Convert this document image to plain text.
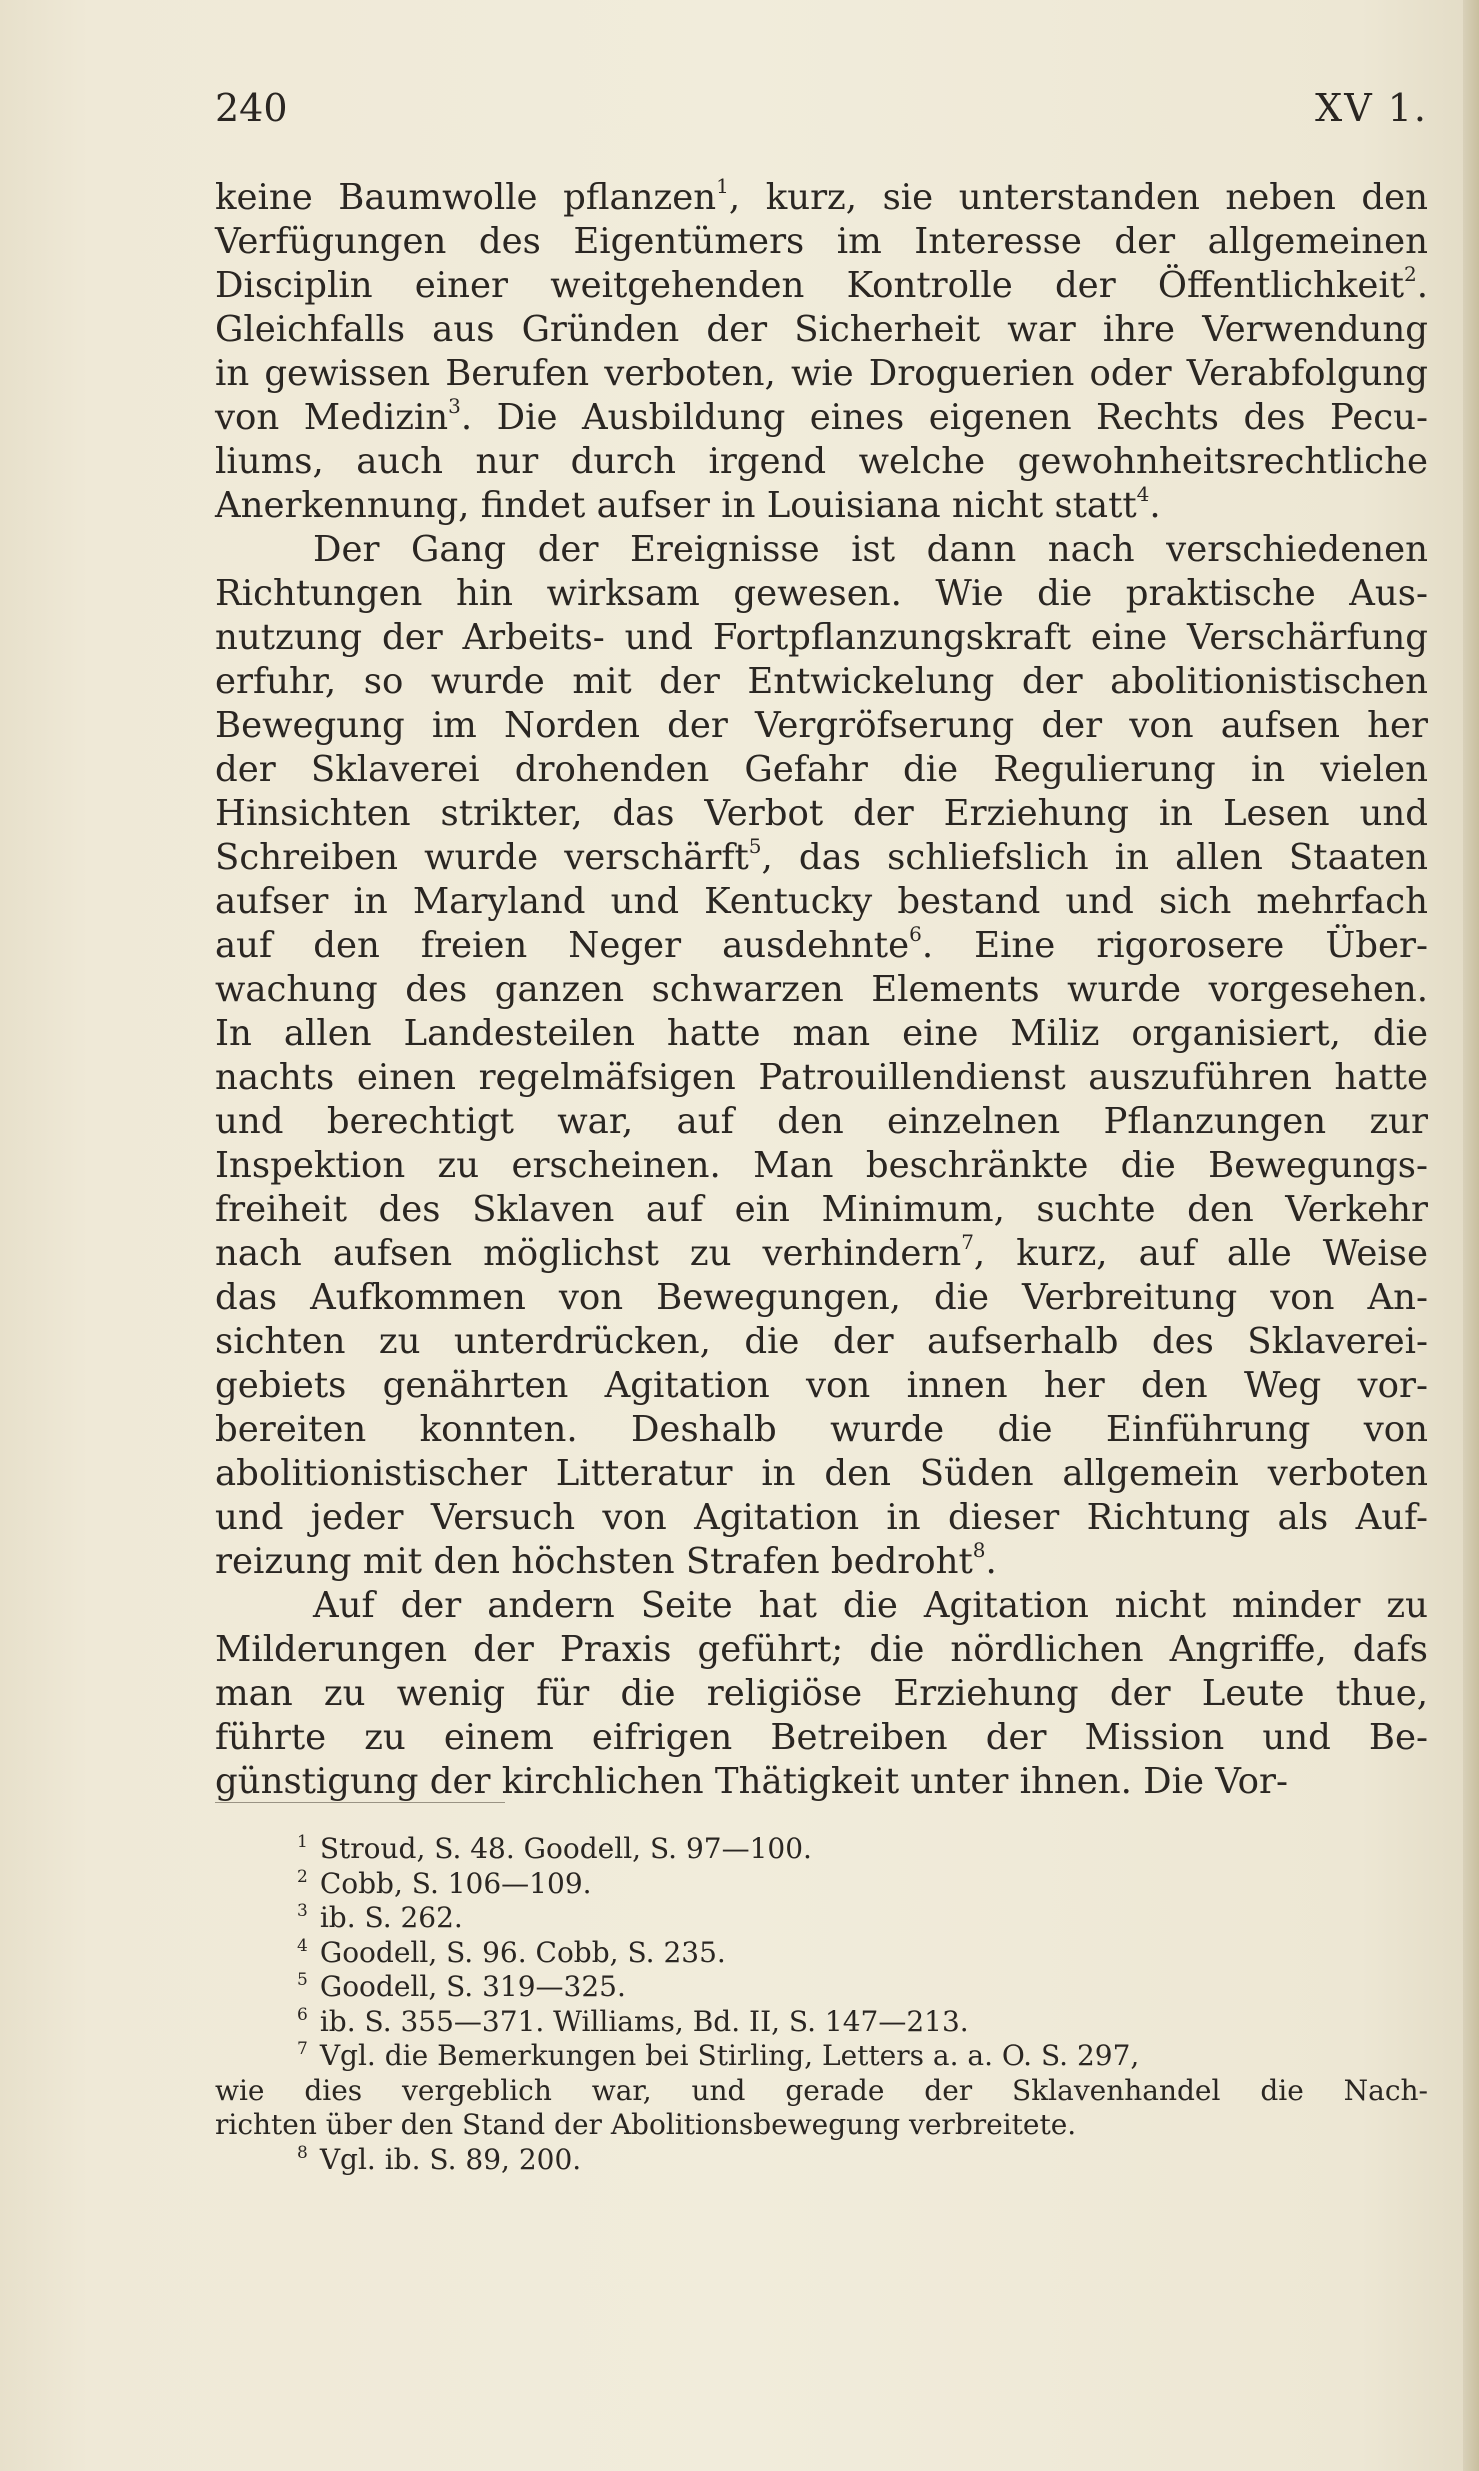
240	XV 1.
keine Baumwolle pflanzen$^1$, kurz, sie unterstanden neben den
Verfügungen des Eigentümers im Interesse der allgemeinen
Disciplin einer weitgehenden Kontrolle der Öffentlichkeit$^2$.
Gleichfalls aus Gründen der Sicherheit war ihre Verwendung
in gewissen Berufen verboten, wie Droguerien oder Verabfolgung
von Medizin$^3$. Die Ausbildung eines eigenen Rechts des Pecu-
liums, auch nur durch irgend welche gewohnheitsrechtliche
Anerkennung, findet aufser in Louisiana nicht statt$^4$.
Der Gang der Ereignisse ist dann nach verschiedenen
Richtungen hin wirksam gewesen. Wie die praktische Aus-
nutzung der Arbeits- und Fortpflanzungskraft eine Verschärfung
erfuhr, so wurde mit der Entwickelung der abolitionistischen
Bewegung im Norden der Vergröfserung der von aufsen her
der Sklaverei drohenden Gefahr die Regulierung in vielen
Hinsichten strikter, das Verbot der Erziehung in Lesen und
Schreiben wurde verschärft$^5$, das schliefslich in allen Staaten
aufser in Maryland und Kentucky bestand und sich mehrfach
auf den freien Neger ausdehnte$^6$. Eine rigorosere Über-
wachung des ganzen schwarzen Elements wurde vorgesehen.
In allen Landesteilen hatte man eine Miliz organisiert, die
nachts einen regelmäfsigen Patrouillendienst auszuführen hatte
und berechtigt war, auf den einzelnen Pflanzungen zur
Inspektion zu erscheinen. Man beschränkte die Bewegungs-
freiheit des Sklaven auf ein Minimum, suchte den Verkehr
nach aufsen möglichst zu verhindern$^7$, kurz, auf alle Weise
das Aufkommen von Bewegungen, die Verbreitung von An-
sichten zu unterdrücken, die der aufserhalb des Sklaverei-
gebiets genährten Agitation von innen her den Weg vor-
bereiten konnten. Deshalb wurde die Einführung von
abolitionistischer Litteratur in den Süden allgemein verboten
und jeder Versuch von Agitation in dieser Richtung als Auf-
reizung mit den höchsten Strafen bedroht$^8$.
Auf der andern Seite hat die Agitation nicht minder zu
Milderungen der Praxis geführt; die nördlichen Angriffe, dafs
man zu wenig für die religiöse Erziehung der Leute thue,
führte zu einem eifrigen Betreiben der Mission und Be-
günstigung der kirchlichen Thätigkeit unter ihnen. Die Vor-
$^1$ Stroud, S. 48. Goodell, S. 97—100.
$^2$ Cobb, S. 106—109.
$^3$ ib. S. 262.
$^4$ Goodell, S. 96. Cobb, S. 235.
$^5$ Goodell, S. 319—325.
$^6$ ib. S. 355—371. Williams, Bd. II, S. 147—213.
$^7$ Vgl. die Bemerkungen bei Stirling, Letters a. a. O. S. 297,
wie dies vergeblich war, und gerade der Sklavenhandel die Nach-
richten über den Stand der Abolitionsbewegung verbreitete.
$^8$ Vgl. ib. S. 89, 200.
